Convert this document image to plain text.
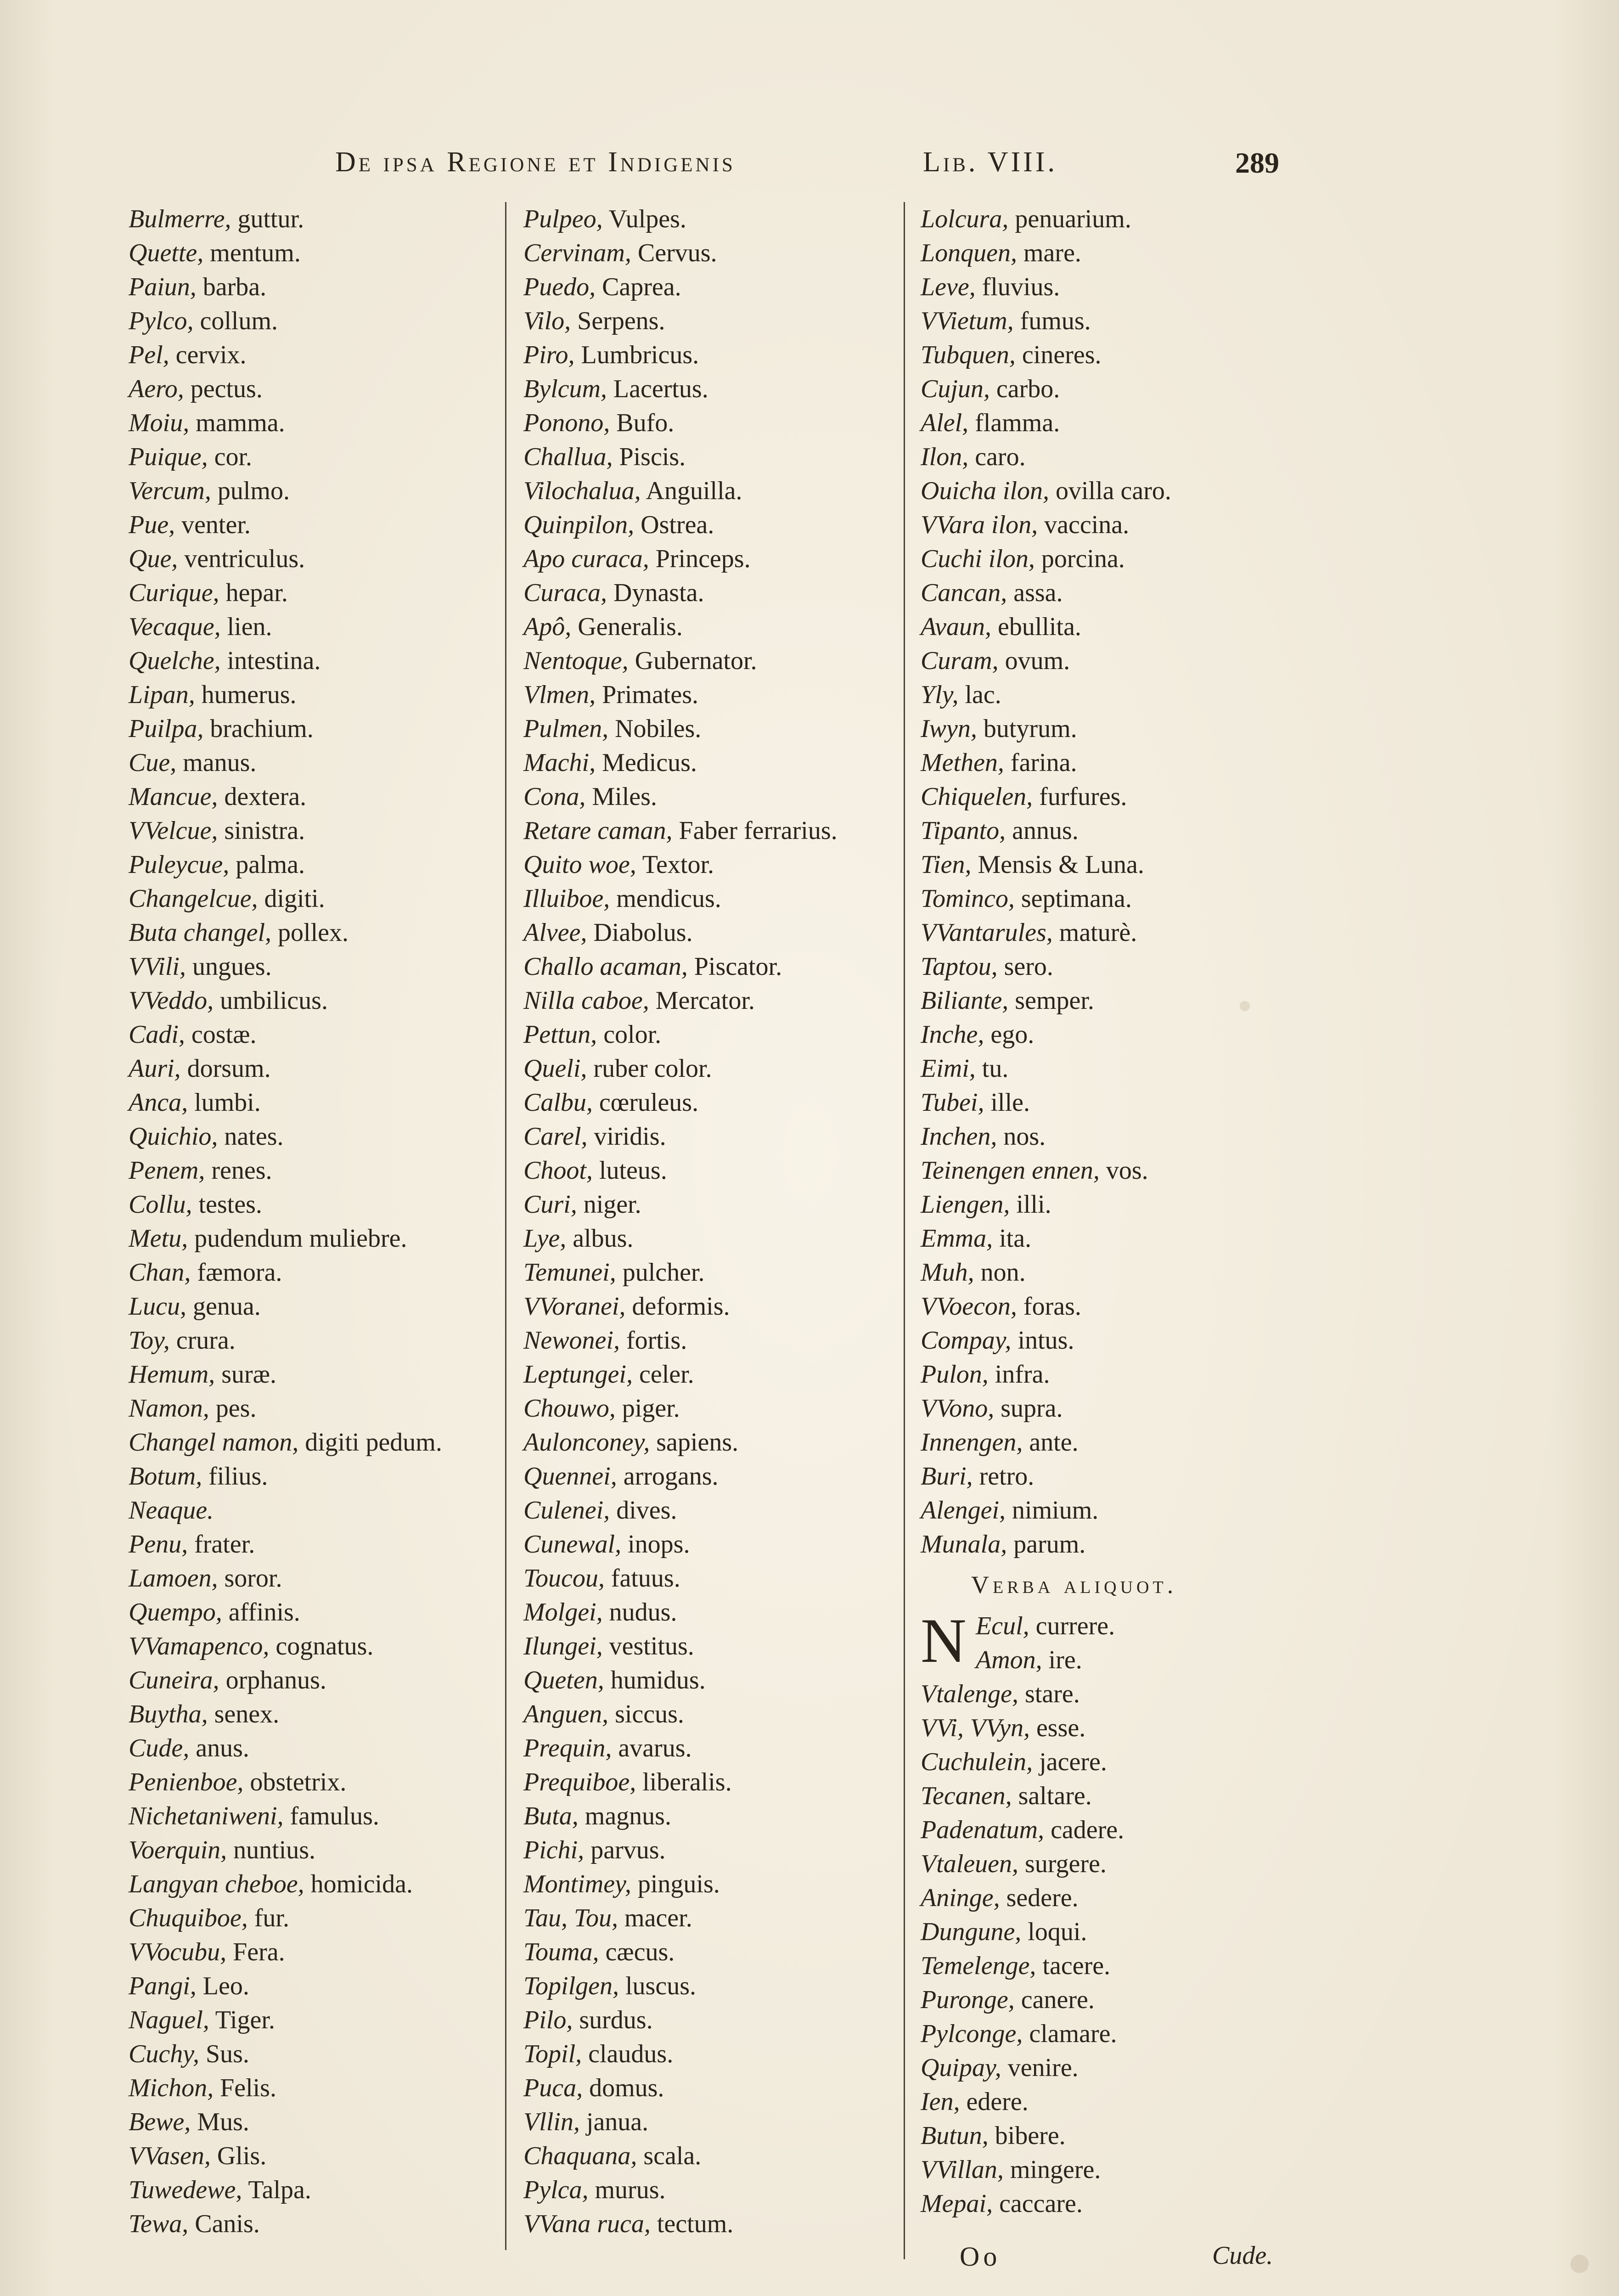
De ipsa Regione et Indigenis	Lib. VIII.	289
Bulmerre, guttur.
Quette, mentum.
Paiun, barba.
Pylco, collum.
Pel, cervix.
Aero, pectus.
Moiu, mamma.
Puique, cor.
Vercum, pulmo.
Pue, venter.
Que, ventriculus.
Curique, hepar.
Vecaque, lien.
Quelche, intestina.
Lipan, humerus.
Puilpa, brachium.
Cue, manus.
Mancue, dextera.
VVelcue, sinistra.
Puleycue, palma.
Changelcue, digiti.
Buta changel, pollex.
VVili, ungues.
VVeddo, umbilicus.
Cadi, costæ.
Auri, dorsum.
Anca, lumbi.
Quichio, nates.
Penem, renes.
Collu, testes.
Metu, pudendum muliebre.
Chan, fæmora.
Lucu, genua.
Toy, crura.
Hemum, suræ.
Namon, pes.
Changel namon, digiti pedum.
Botum, filius.
Neaque.
Penu, frater.
Lamoen, soror.
Quempo, affinis.
VVamapenco, cognatus.
Cuneira, orphanus.
Buytha, senex.
Cude, anus.
Penienboe, obstetrix.
Nichetaniweni, famulus.
Voerquin, nuntius.
Langyan cheboe, homicida.
Chuquiboe, fur.
VVocubu, Fera.
Pangi, Leo.
Naguel, Tiger.
Cuchy, Sus.
Michon, Felis.
Bewe, Mus.
VVasen, Glis.
Tuwedewe, Talpa.
Tewa, Canis.
Pulpeo, Vulpes.
Cervinam, Cervus.
Puedo, Caprea.
Vilo, Serpens.
Piro, Lumbricus.
Bylcum, Lacertus.
Ponono, Bufo.
Challua, Piscis.
Vilochalua, Anguilla.
Quinpilon, Ostrea.
Apo curaca, Princeps.
Curaca, Dynasta.
Apô, Generalis.
Nentoque, Gubernator.
Vlmen, Primates.
Pulmen, Nobiles.
Machi, Medicus.
Cona, Miles.
Retare caman, Faber ferrarius.
Quito woe, Textor.
Illuiboe, mendicus.
Alvee, Diabolus.
Challo acaman, Piscator.
Nilla caboe, Mercator.
Pettun, color.
Queli, ruber color.
Calbu, cœruleus.
Carel, viridis.
Choot, luteus.
Curi, niger.
Lye, albus.
Temunei, pulcher.
VVoranei, deformis.
Newonei, fortis.
Leptungei, celer.
Chouwo, piger.
Aulonconey, sapiens.
Quennei, arrogans.
Culenei, dives.
Cunewal, inops.
Toucou, fatuus.
Molgei, nudus.
Ilungei, vestitus.
Queten, humidus.
Anguen, siccus.
Prequin, avarus.
Prequiboe, liberalis.
Buta, magnus.
Pichi, parvus.
Montimey, pinguis.
Tau, Tou, macer.
Touma, cæcus.
Topilgen, luscus.
Pilo, surdus.
Topil, claudus.
Puca, domus.
Vllin, janua.
Chaquana, scala.
Pylca, murus.
VVana ruca, tectum.
Lolcura, penuarium.
Lonquen, mare.
Leve, fluvius.
VVietum, fumus.
Tubquen, cineres.
Cujun, carbo.
Alel, flamma.
Ilon, caro.
Ouicha ilon, ovilla caro.
VVara ilon, vaccina.
Cuchi ilon, porcina.
Cancan, assa.
Avaun, ebullita.
Curam, ovum.
Yly, lac.
Iwyn, butyrum.
Methen, farina.
Chiquelen, furfures.
Tipanto, annus.
Tien, Mensis & Luna.
Tominco, septimana.
VVantarules, maturè.
Taptou, sero.
Biliante, semper.
Inche, ego.
Eimi, tu.
Tubei, ille.
Inchen, nos.
Teinengen ennen, vos.
Liengen, illi.
Emma, ita.
Muh, non.
VVoecon, foras.
Compay, intus.
Pulon, infra.
VVono, supra.
Innengen, ante.
Buri, retro.
Alengei, nimium.
Munala, parum.
Verba aliquot.
N Ecul, currere.
Amon, ire.
Vtalenge, stare.
VVi, VVyn, esse.
Cuchulein, jacere.
Tecanen, saltare.
Padenatum, cadere.
Vtaleuen, surgere.
Aninge, sedere.
Dungune, loqui.
Temelenge, tacere.
Puronge, canere.
Pylconge, clamare.
Quipay, venire.
Ien, edere.
Butun, bibere.
VVillan, mingere.
Mepai, caccare.
Oo	Cude.
